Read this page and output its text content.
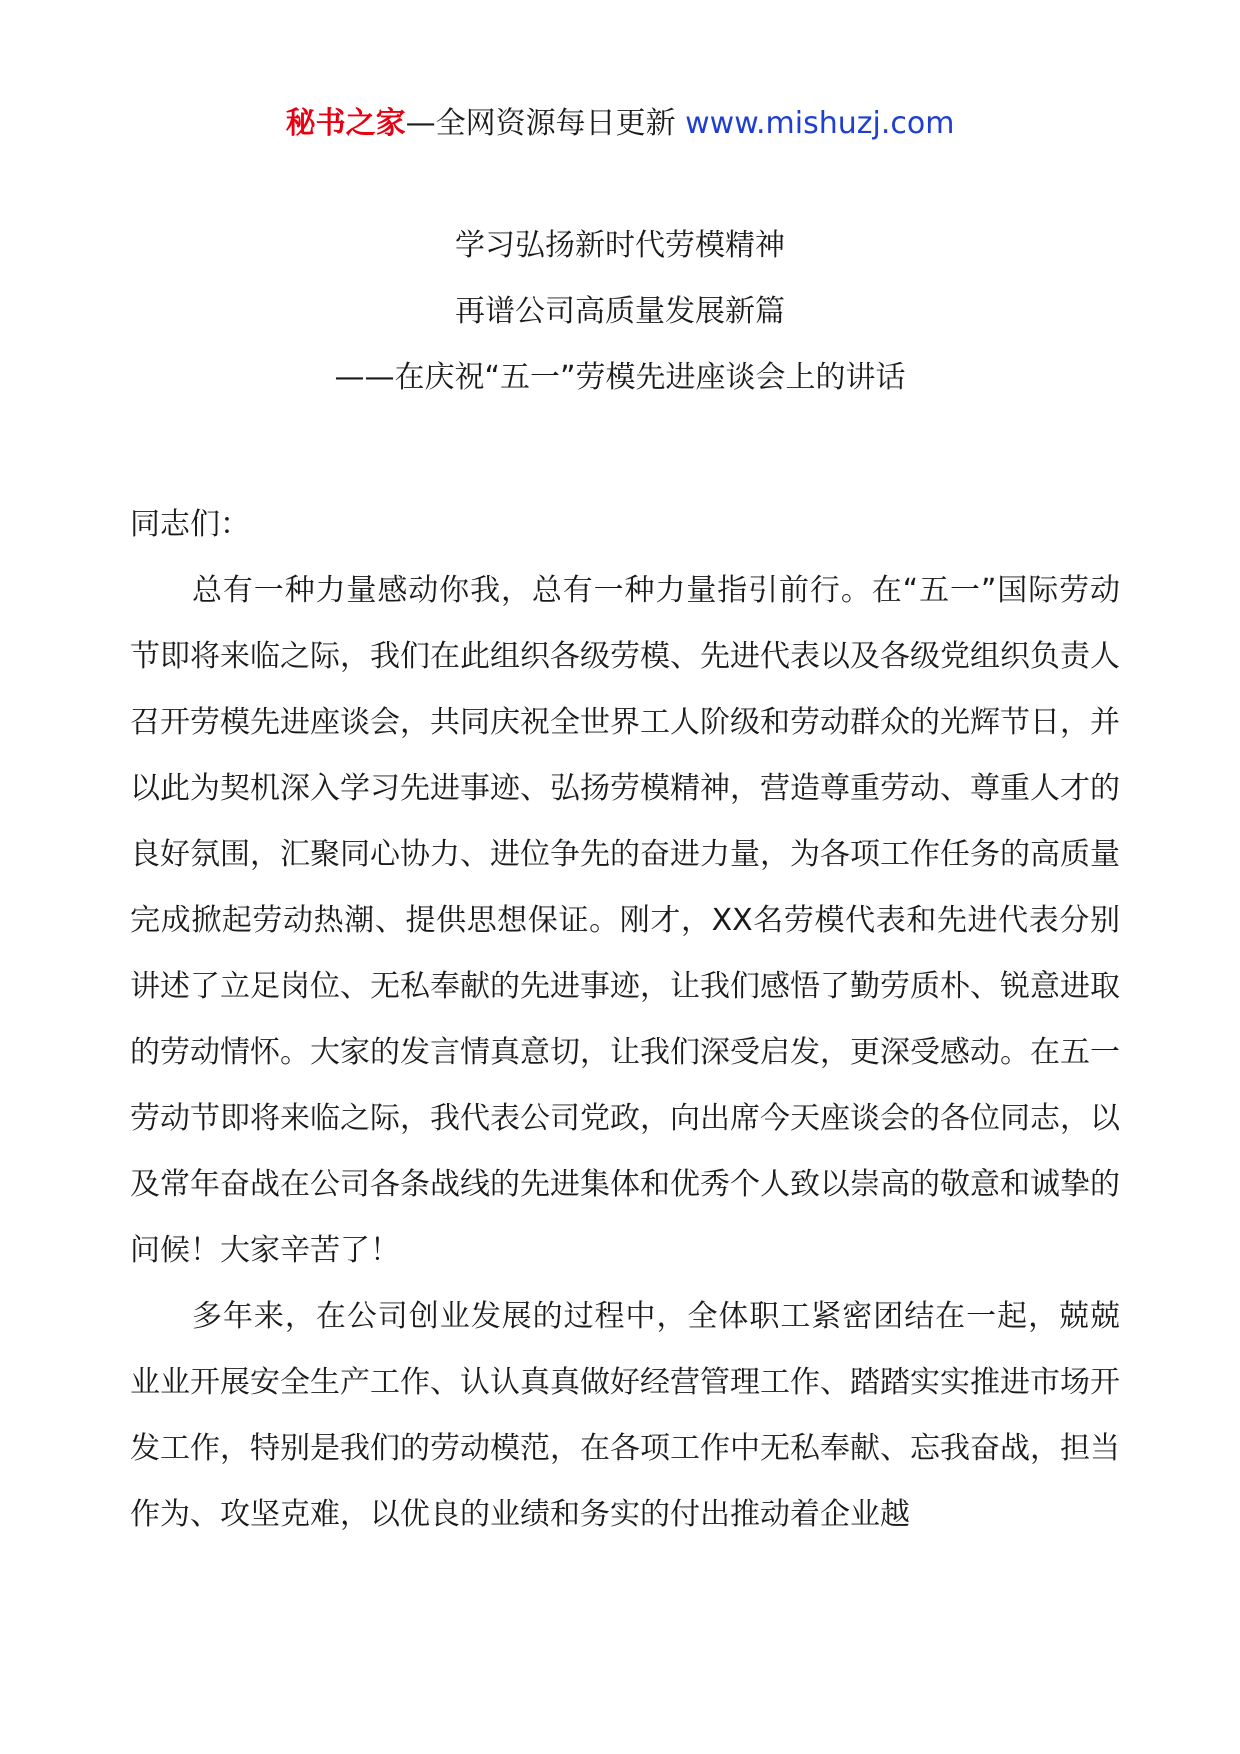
秘书之家—全网资源每日更新 www.mishuzj.com
学习弘扬新时代劳模精神
再谱公司高质量发展新篇
——在庆祝“五一”劳模先进座谈会上的讲话

同志们：

总有一种力量感动你我，总有一种力量指引前行。在“五一”国际劳动节即将来临之际，我们在此组织各级劳模、先进代表以及各级党组织负责人召开劳模先进座谈会，共同庆祝全世界工人阶级和劳动群众的光辉节日，并以此为契机深入学习先进事迹、弘扬劳模精神，营造尊重劳动、尊重人才的良好氛围，汇聚同心协力、进位争先的奋进力量，为各项工作任务的高质量完成掀起劳动热潮、提供思想保证。刚才，XX名劳模代表和先进代表分别讲述了立足岗位、无私奉献的先进事迹，让我们感悟了勤劳质朴、锐意进取的劳动情怀。大家的发言情真意切，让我们深受启发，更深受感动。在五一劳动节即将来临之际，我代表公司党政，向出席今天座谈会的各位同志，以及常年奋战在公司各条战线的先进集体和优秀个人致以崇高的敬意和诚挚的问候！大家辛苦了！

多年来，在公司创业发展的过程中，全体职工紧密团结在一起，兢兢业业开展安全生产工作、认认真真做好经营管理工作、踏踏实实推进市场开发工作，特别是我们的劳动模范，在各项工作中无私奉献、忘我奋战，担当作为、攻坚克难，以优良的业绩和务实的付出推动着企业越
